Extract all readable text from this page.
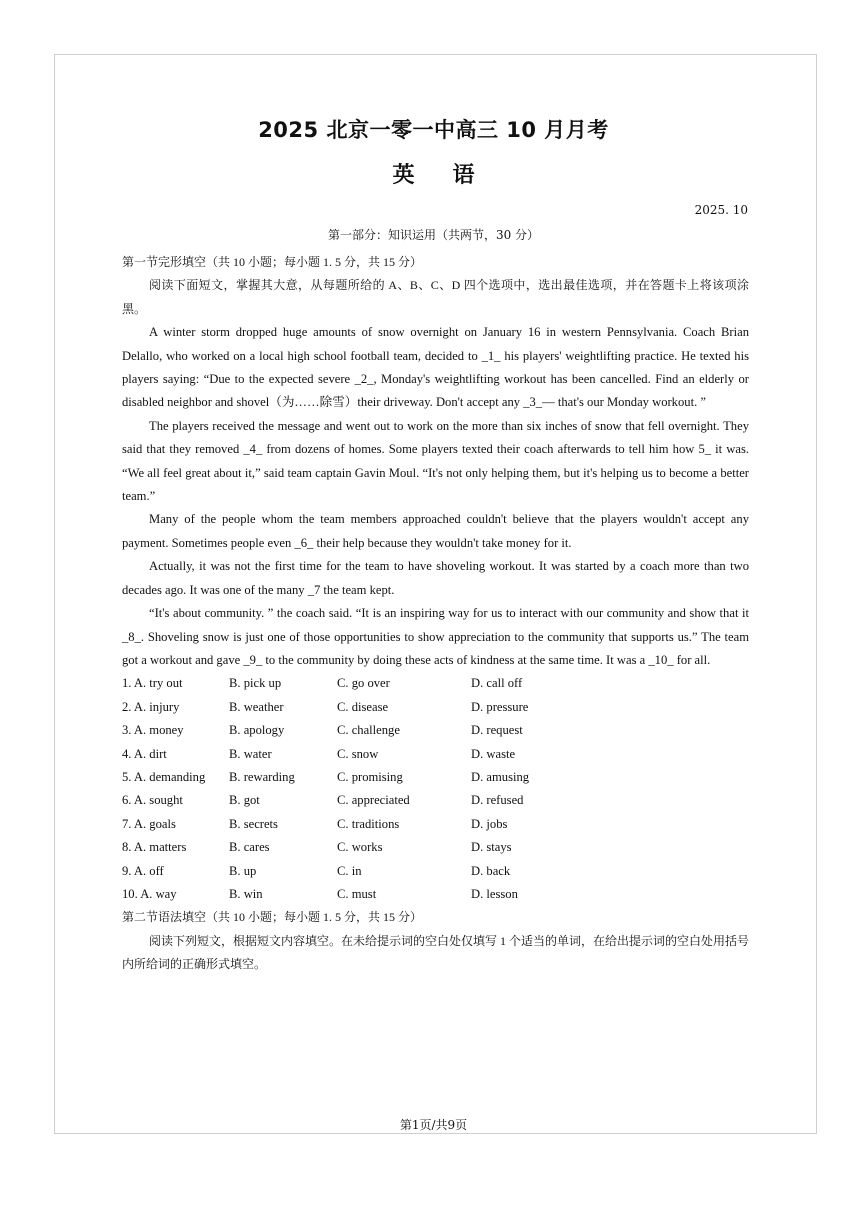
2025 北京一零一中高三 10 月月考
英语
2025. 10
第一部分：知识运用（共两节，30 分）

第一节完形填空（共 10 小题；每小题 1. 5 分，共 15 分）

阅读下面短文，掌握其大意，从每题所给的 A、B、C、D 四个选项中，选出最佳选项，并在答题卡上将该项涂黑。

A winter storm dropped huge amounts of snow overnight on January 16 in western Pennsylvania. Coach Brian Delallo, who worked on a local high school football team, decided to _1_ his players' weightlifting practice. He texted his players saying: “Due to the expected severe _2_, Monday's weightlifting workout has been cancelled. Find an elderly or disabled neighbor and shovel（为……除雪）their driveway. Don't accept any _3_— that's our Monday workout. ”

The players received the message and went out to work on the more than six inches of snow that fell overnight. They said that they removed _4_ from dozens of homes. Some players texted their coach afterwards to tell him how 5_ it was. “We all feel great about it,” said team captain Gavin Moul. “It's not only helping them, but it's helping us to become a better team.”

Many of the people whom the team members approached couldn't believe that the players wouldn't accept any payment. Sometimes people even _6_ their help because they wouldn't take money for it.

Actually, it was not the first time for the team to have shoveling workout. It was started by a coach more than two decades ago. It was one of the many _7 the team kept.

“It's about community. ” the coach said. “It is an inspiring way for us to interact with our community and show that it _8_. Shoveling snow is just one of those opportunities to show appreciation to the community that supports us.” The team got a workout and gave _9_ to the community by doing these acts of kindness at the same time. It was a _10_ for all.

1. A. try out	B. pick up	C. go over	D. call off
2. A. injury	B. weather	C. disease	D. pressure
3. A. money	B. apology	C. challenge	D. request
4. A. dirt	B. water	C. snow	D. waste
5. A. demanding	B. rewarding	C. promising	D. amusing
6. A. sought	B. got	C. appreciated	D. refused
7. A. goals	B. secrets	C. traditions	D. jobs
8. A. matters	B. cares	C. works	D. stays
9. A. off	B. up	C. in	D. back
10. A. way	B. win	C. must	D. lesson

第二节语法填空（共 10 小题；每小题 1. 5 分，共 15 分）

阅读下列短文，根据短文内容填空。在未给提示词的空白处仅填写 1 个适当的单词，在给出提示词的空白处用括号内所给词的正确形式填空。

第1页/共9页
